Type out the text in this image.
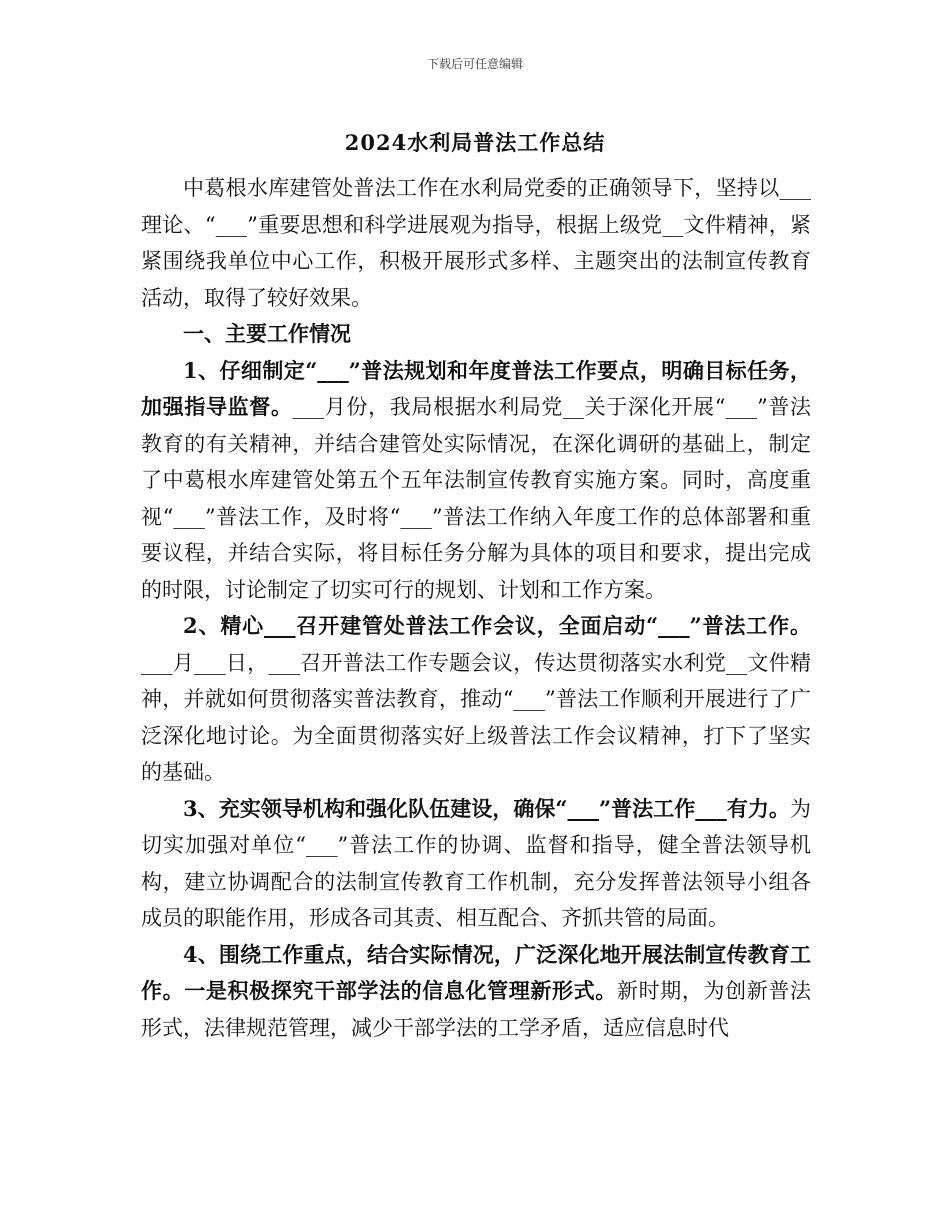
下载后可任意编辑
2024水利局普法工作总结

中葛根水库建管处普法工作在水利局党委的正确领导下，坚持以___理论、“___”重要思想和科学进展观为指导，根据上级党__文件精神，紧紧围绕我单位中心工作，积极开展形式多样、主题突出的法制宣传教育活动，取得了较好效果。

一、主要工作情况

1、仔细制定“___”普法规划和年度普法工作要点，明确目标任务，加强指导监督。___月份，我局根据水利局党__关于深化开展“___”普法教育的有关精神，并结合建管处实际情况，在深化调研的基础上，制定了中葛根水库建管处第五个五年法制宣传教育实施方案。同时，高度重视“___”普法工作，及时将“___”普法工作纳入年度工作的总体部署和重要议程，并结合实际，将目标任务分解为具体的项目和要求，提出完成的时限，讨论制定了切实可行的规划、计划和工作方案。

2、精心___召开建管处普法工作会议，全面启动“___”普法工作。___月___日，___召开普法工作专题会议，传达贯彻落实水利党__文件精神，并就如何贯彻落实普法教育，推动“___”普法工作顺利开展进行了广泛深化地讨论。为全面贯彻落实好上级普法工作会议精神，打下了坚实的基础。

3、充实领导机构和强化队伍建设，确保“___”普法工作___有力。为切实加强对单位“___”普法工作的协调、监督和指导，健全普法领导机构，建立协调配合的法制宣传教育工作机制，充分发挥普法领导小组各成员的职能作用，形成各司其责、相互配合、齐抓共管的局面。

4、围绕工作重点，结合实际情况，广泛深化地开展法制宣传教育工作。一是积极探究干部学法的信息化管理新形式。新时期，为创新普法形式，法律规范管理，减少干部学法的工学矛盾，适应信息时代
